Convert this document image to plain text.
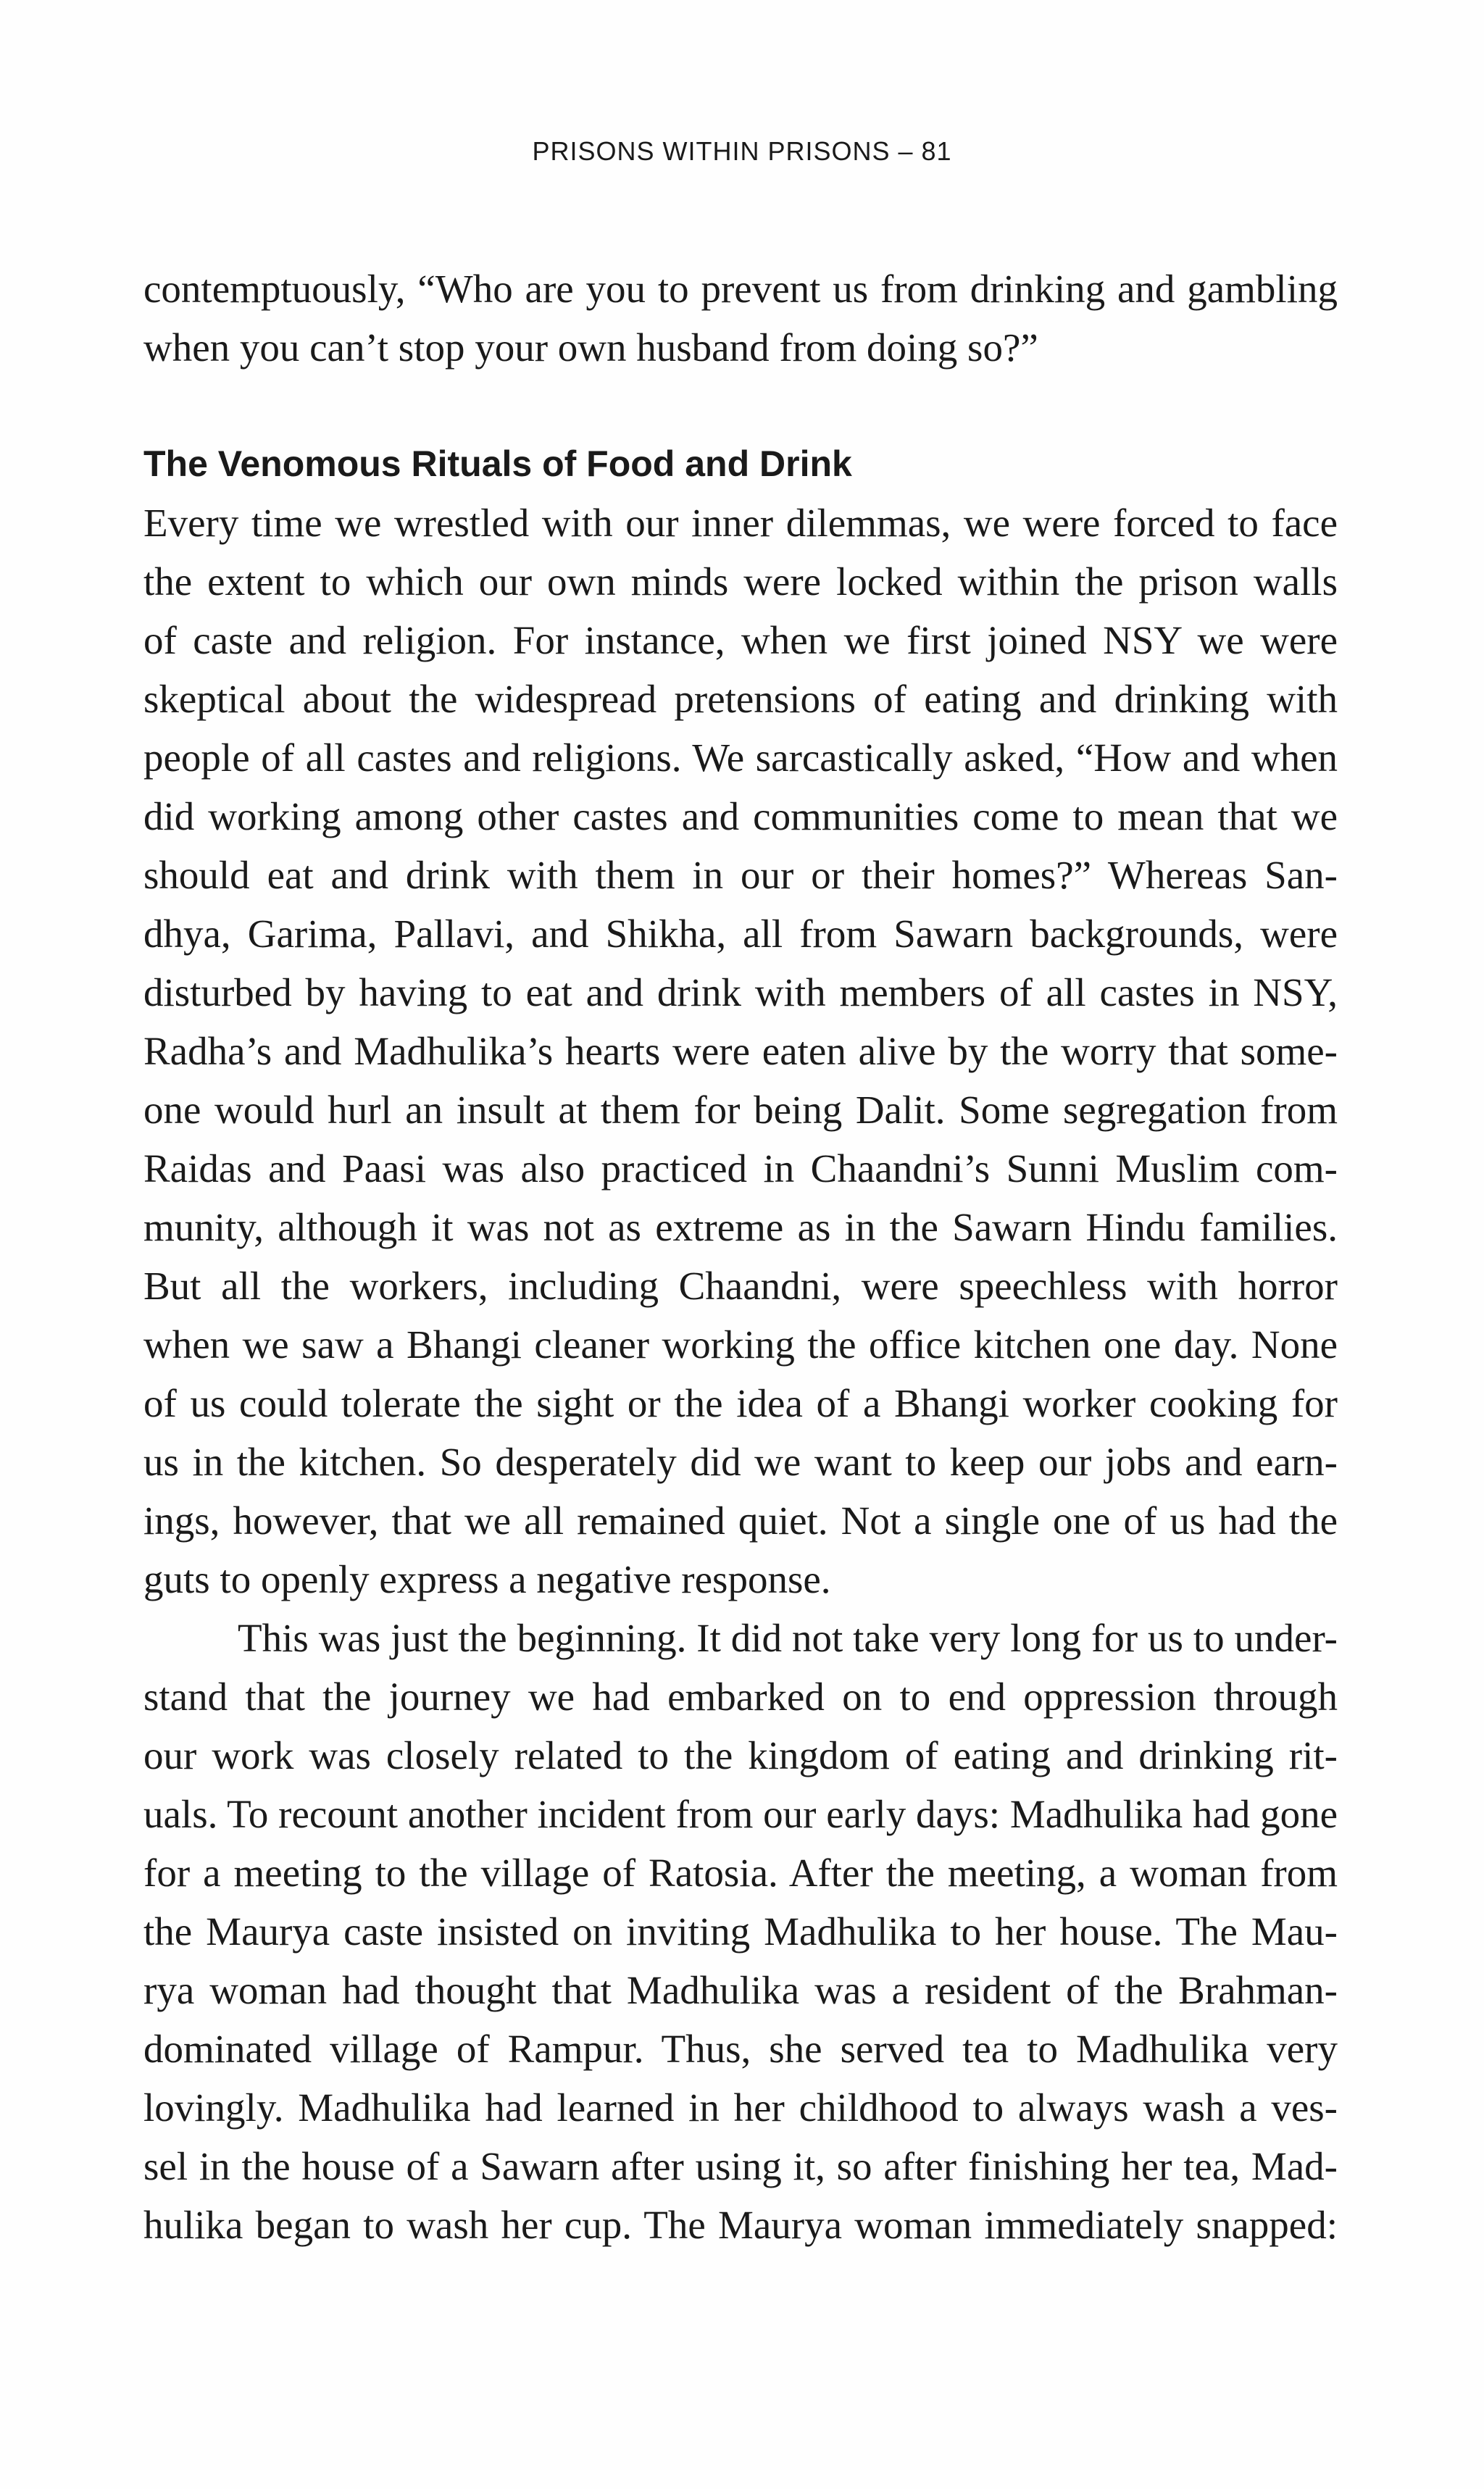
PRISONS WITHIN PRISONS – 81
contemptuously, “Who are you to prevent us from drinking and gambling
when you can’t stop your own husband from doing so?”
The Venomous Rituals of Food and Drink
Every time we wrestled with our inner dilemmas, we were forced to face
the extent to which our own minds were locked within the prison walls
of caste and religion. For instance, when we first joined NSY we were
skeptical about the widespread pretensions of eating and drinking with
people of all castes and religions. We sarcastically asked, “How and when
did working among other castes and communities come to mean that we
should eat and drink with them in our or their homes?” Whereas San-
dhya, Garima, Pallavi, and Shikha, all from Sawarn backgrounds, were
disturbed by having to eat and drink with members of all castes in NSY,
Radha’s and Madhulika’s hearts were eaten alive by the worry that some-
one would hurl an insult at them for being Dalit. Some segregation from
Raidas and Paasi was also practiced in Chaandni’s Sunni Muslim com-
munity, although it was not as extreme as in the Sawarn Hindu families.
But all the workers, including Chaandni, were speechless with horror
when we saw a Bhangi cleaner working the office kitchen one day. None
of us could tolerate the sight or the idea of a Bhangi worker cooking for
us in the kitchen. So desperately did we want to keep our jobs and earn-
ings, however, that we all remained quiet. Not a single one of us had the
guts to openly express a negative response.
This was just the beginning. It did not take very long for us to under-
stand that the journey we had embarked on to end oppression through
our work was closely related to the kingdom of eating and drinking rit-
uals. To recount another incident from our early days: Madhulika had gone
for a meeting to the village of Ratosia. After the meeting, a woman from
the Maurya caste insisted on inviting Madhulika to her house. The Mau-
rya woman had thought that Madhulika was a resident of the Brahman-
dominated village of Rampur. Thus, she served tea to Madhulika very
lovingly. Madhulika had learned in her childhood to always wash a ves-
sel in the house of a Sawarn after using it, so after finishing her tea, Mad-
hulika began to wash her cup. The Maurya woman immediately snapped:
